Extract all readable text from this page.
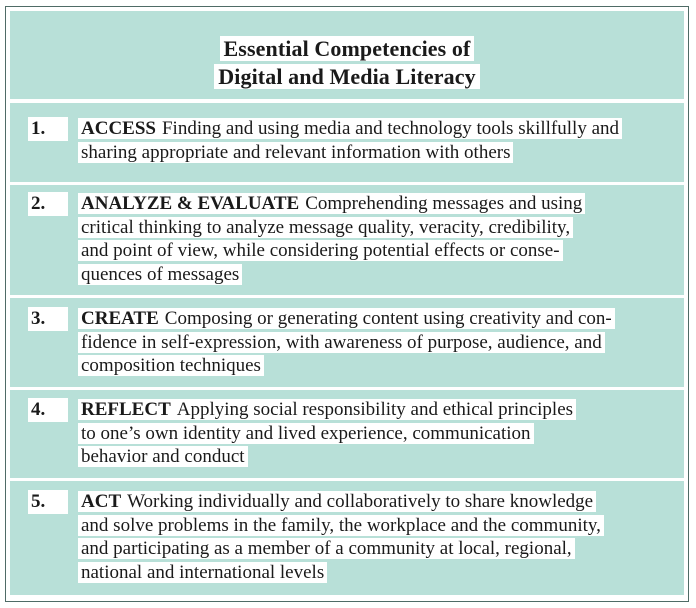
Essential Competencies of
Digital and Media Literacy
1.	ACCESS Finding and using media and technology tools skillfully and
sharing appropriate and relevant information with others
2.	ANALYZE & EVALUATE Comprehending messages and using
critical thinking to analyze message quality, veracity, credibility,
and point of view, while considering potential effects or conse-
quences of messages
3.	CREATE Composing or generating content using creativity and con-
fidence in self-expression, with awareness of purpose, audience, and
composition techniques
4.	REFLECT Applying social responsibility and ethical principles
to one’s own identity and lived experience, communication
behavior and conduct
5.	ACT Working individually and collaboratively to share knowledge
and solve problems in the family, the workplace and the community,
and participating as a member of a community at local, regional,
national and international levels
